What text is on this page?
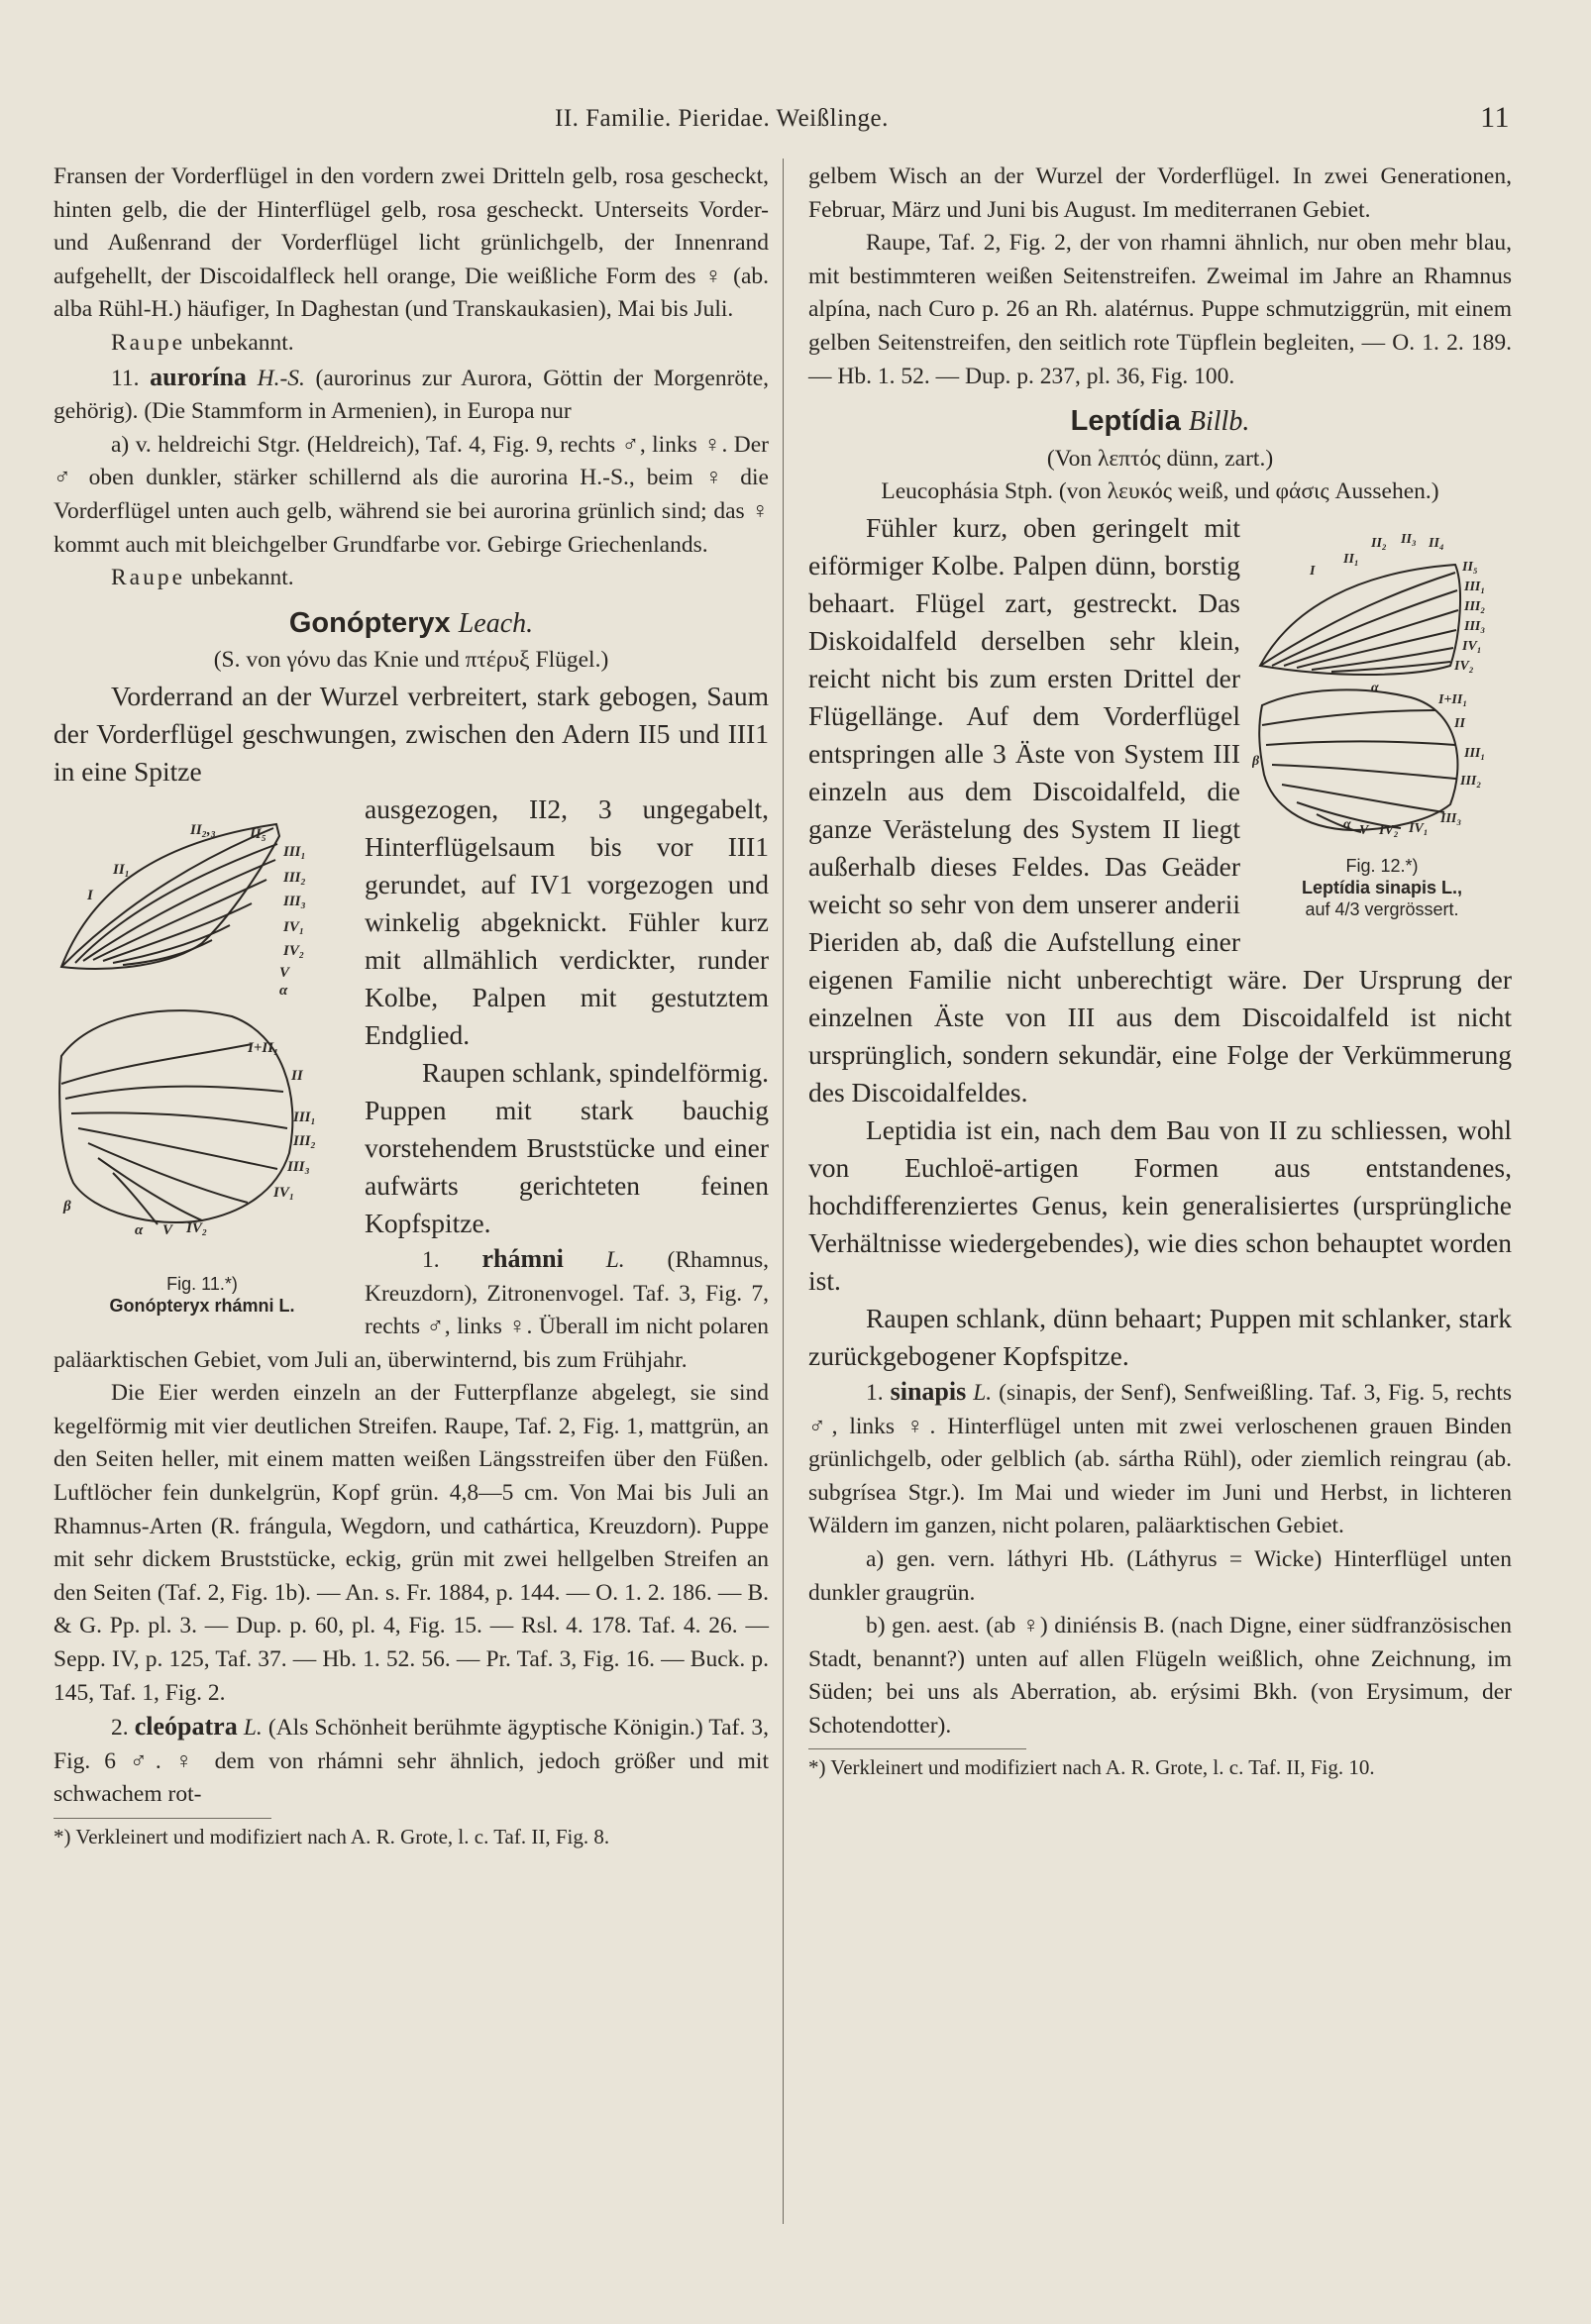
II. Familie. Pieridae. Weißlinge.	11

Fransen der Vorderflügel in den vordern zwei Dritteln gelb, rosa gescheckt, hinten gelb, die der Hinterflügel gelb, rosa gescheckt. Unterseits Vorder- und Außenrand der Vorderflügel licht grünlichgelb, der Innenrand aufgehellt, der Discoidalfleck hell orange, Die weißliche Form des ♀ (ab. alba Rühl-H.) häufiger, In Daghestan (und Transkaukasien), Mai bis Juli.

Raupe unbekannt.

11. aurorína H.-S. (aurorinus zur Aurora, Göttin der Morgenröte, gehörig). (Die Stammform in Armenien), in Europa nur

a) v. heldreichi Stgr. (Heldreich), Taf. 4, Fig. 9, rechts ♂, links ♀. Der ♂ oben dunkler, stärker schillernd als die aurorina H.-S., beim ♀ die Vorderflügel unten auch gelb, während sie bei aurorina grünlich sind; das ♀ kommt auch mit bleichgelber Grundfarbe vor. Gebirge Griechenlands.

Raupe unbekannt.

Gonópteryx Leach.

(S. von γόνυ das Knie und πτέρυξ Flügel.)

Vorderrand an der Wurzel verbreitert, stark gebogen, Saum der Vorderflügel geschwungen, zwischen den Adern II5 und III1 in eine Spitze

II₂,₃ II₅
II₁
I
III₁
III₂
III₃
IV₁
IV₂
V
α
I+II₁
II
III₁
III₂
III₃
IV₁
β
α V IV₂
Fig. 11.*)
Gonópteryx rhámni L.

ausgezogen, II2, 3 ungegabelt, Hinterflügelsaum bis vor III1 gerundet, auf IV1 vorgezogen und winkelig abgeknickt. Fühler kurz mit allmählich verdickter, runder Kolbe, Palpen mit gestutztem Endglied.

Raupen schlank, spindelförmig. Puppen mit stark bauchig vorstehendem Bruststücke und einer aufwärts gerichteten feinen Kopfspitze.

1. rhámni L. (Rhamnus, Kreuzdorn), Zitronenvogel. Taf. 3, Fig. 7, rechts ♂, links ♀. Überall im nicht polaren paläarktischen Gebiet, vom Juli an, überwinternd, bis zum Frühjahr.

Die Eier werden einzeln an der Futterpflanze abgelegt, sie sind kegelförmig mit vier deutlichen Streifen. Raupe, Taf. 2, Fig. 1, mattgrün, an den Seiten heller, mit einem matten weißen Längsstreifen über den Füßen. Luftlöcher fein dunkelgrün, Kopf grün. 4,8—5 cm. Von Mai bis Juli an Rhamnus-Arten (R. frángula, Wegdorn, und cathártica, Kreuzdorn). Puppe mit sehr dickem Bruststücke, eckig, grün mit zwei hellgelben Streifen an den Seiten (Taf. 2, Fig. 1b). — An. s. Fr. 1884, p. 144. — O. 1. 2. 186. — B. & G. Pp. pl. 3. — Dup. p. 60, pl. 4, Fig. 15. — Rsl. 4. 178. Taf. 4. 26. — Sepp. IV, p. 125, Taf. 37. — Hb. 1. 52. 56. — Pr. Taf. 3, Fig. 16. — Buck. p. 145, Taf. 1, Fig. 2.

2. cleópatra L. (Als Schönheit berühmte ägyptische Königin.) Taf. 3, Fig. 6 ♂. ♀ dem von rhámni sehr ähnlich, jedoch größer und mit schwachem rot-

*) Verkleinert und modifiziert nach A. R. Grote, l. c. Taf. II, Fig. 8.

gelbem Wisch an der Wurzel der Vorderflügel. In zwei Generationen, Februar, März und Juni bis August. Im mediterranen Gebiet.

Raupe, Taf. 2, Fig. 2, der von rhamni ähnlich, nur oben mehr blau, mit bestimmteren weißen Seitenstreifen. Zweimal im Jahre an Rhamnus alpína, nach Curo p. 26 an Rh. alatérnus. Puppe schmutziggrün, mit einem gelben Seitenstreifen, den seitlich rote Tüpflein begleiten, — O. 1. 2. 189. — Hb. 1. 52. — Dup. p. 237, pl. 36, Fig. 100.

Leptídia Billb.

(Von λεπτός dünn, zart.)

Leucophásia Stph. (von λευκός weiß, und φάσις Aussehen.)

I
II₁
II₂ II₃ II₄
II₅
III₁
III₂
III₃
IV₁
IV₂
α
I+II₁
II
III₁
III₂
III₃
β
α V IV₂ IV₁
Fig. 12.*)
Leptídia sinapis L.,
auf 4/3 vergrössert.

Fühler kurz, oben geringelt mit eiförmiger Kolbe. Palpen dünn, borstig behaart. Flügel zart, gestreckt. Das Diskoidalfeld derselben sehr klein, reicht nicht bis zum ersten Drittel der Flügellänge. Auf dem Vorderflügel entspringen alle 3 Äste von System III einzeln aus dem Discoidalfeld, die ganze Verästelung des System II liegt außerhalb dieses Feldes. Das Geäder weicht so sehr von dem unserer anderii Pieriden ab, daß die Aufstellung einer eigenen Familie nicht unberechtigt wäre. Der Ursprung der einzelnen Äste von III aus dem Discoidalfeld ist nicht ursprünglich, sondern sekundär, eine Folge der Verkümmerung des Discoidalfeldes.

Leptidia ist ein, nach dem Bau von II zu schliessen, wohl von Euchloë-artigen Formen aus entstandenes, hochdifferenziertes Genus, kein generalisiertes (ursprüngliche Verhältnisse wiedergebendes), wie dies schon behauptet worden ist.

Raupen schlank, dünn behaart; Puppen mit schlanker, stark zurückgebogener Kopfspitze.

1. sinapis L. (sinapis, der Senf), Senfweißling. Taf. 3, Fig. 5, rechts ♂, links ♀. Hinterflügel unten mit zwei verloschenen grauen Binden grünlichgelb, oder gelblich (ab. sártha Rühl), oder ziemlich reingrau (ab. subgrísea Stgr.). Im Mai und wieder im Juni und Herbst, in lichteren Wäldern im ganzen, nicht polaren, paläarktischen Gebiet.

a) gen. vern. láthyri Hb. (Láthyrus = Wicke) Hinterflügel unten dunkler graugrün.

b) gen. aest. (ab ♀) diniénsis B. (nach Digne, einer südfranzösischen Stadt, benannt?) unten auf allen Flügeln weißlich, ohne Zeichnung, im Süden; bei uns als Aberration, ab. erýsimi Bkh. (von Erysimum, der Schotendotter).

*) Verkleinert und modifiziert nach A. R. Grote, l. c. Taf. II, Fig. 10.
